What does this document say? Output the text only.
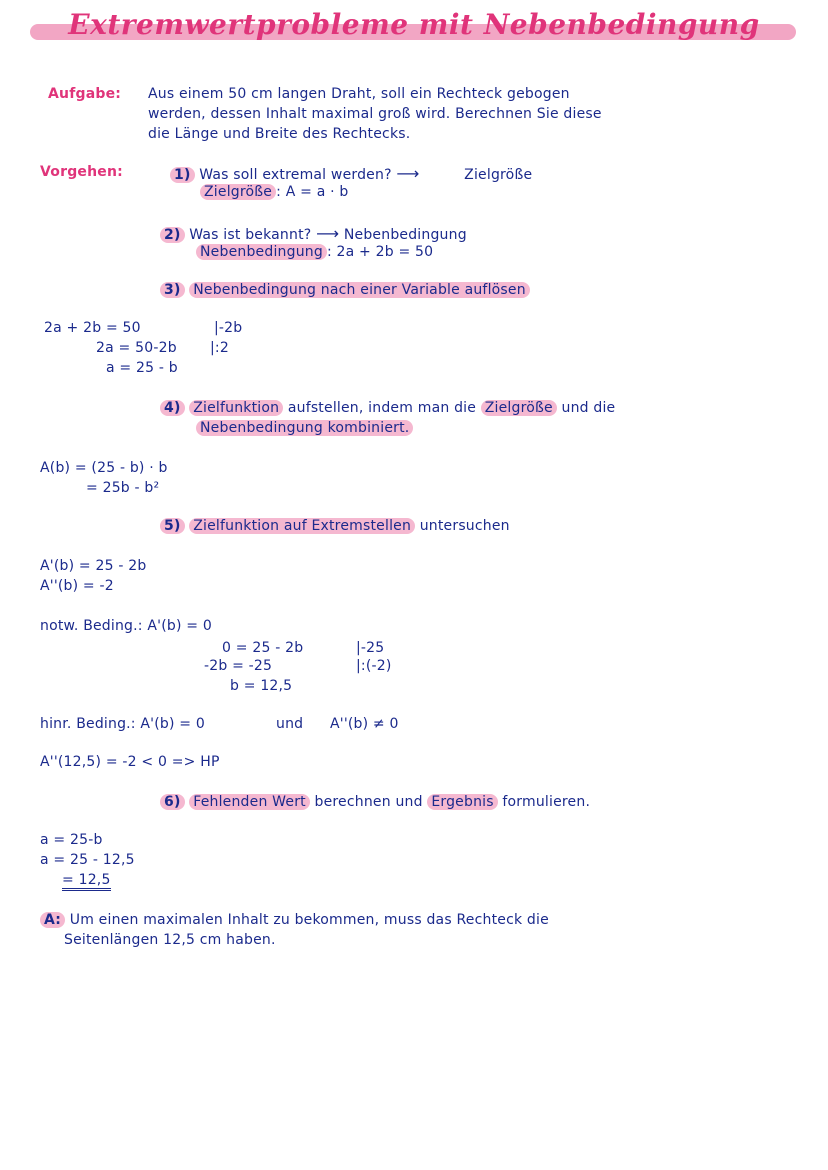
Extremwertprobleme mit Nebenbedingung
Aufgabe: Aus einem 50 cm langen Draht, soll ein Rechteck gebogen
werden, dessen Inhalt maximal groß wird. Berechnen Sie diese
die Länge und Breite des Rechtecks.
Vorgehen:	1) Was soll extremal werden? ⟶	Zielgröße
Zielgröße : A = a · b
2) Was ist bekannt? ⟶ Nebenbedingung
Nebenbedingung : 2a + 2b = 50
3) Nebenbedingung nach einer Variable auflösen
2a + 2b = 50	|-2b
2a = 50-2b |:2
a = 25 - b
4) Zielfunktion aufstellen, indem man die Zielgröße und die
Nebenbedingung kombiniert.
A(b) = (25 - b) · b
= 25b - b²
5) Zielfunktion auf Extremstellen untersuchen
A'(b) = 25 - 2b
A''(b) = -2
notw. Beding.: A'(b) = 0
0 = 25 - 2b	|-25
-2b = -25	|:(-2)
b = 12,5
hinr. Beding.: A'(b) = 0	und A''(b) ≠ 0
A''(12,5) = -2 < 0 => HP
6) Fehlenden Wert berechnen und Ergebnis formulieren.
a = 25-b
a = 25 - 12,5
= 12,5
A: Um einen maximalen Inhalt zu bekommen, muss das Rechteck die
Seitenlängen 12,5 cm haben.
